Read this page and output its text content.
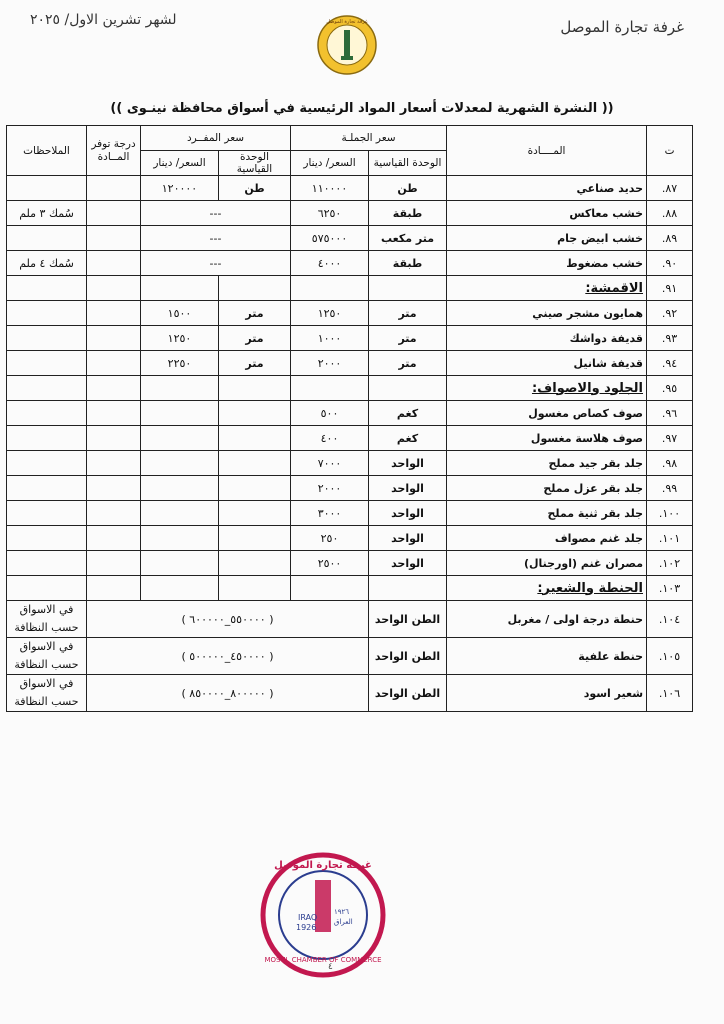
غرفة تجارة الموصل
لشهر تشرين الاول/ ٢٠٢٥	غرفة تجارة الموصل
(( النشرة الشهرية لمعدلات أسعار المواد الرئيسية في أسواق محافظة نينـوى ))
ت	المــــادة	سعر الجملـة		سعر المفــرد		درجة توفر المــادة	الملاحظات
		الوحدة القياسية	السعر/ دينار	الوحدة القياسية	السعر/ دينار		
٨٧.	حديد صناعي	طن	١١٠٠٠٠	طن	١٢٠٠٠٠		
٨٨.	خشب معاكس	طبقة	٦٢٥٠	---			سُمك ٣ ملم
٨٩.	خشب ابيض جام	متر مكعب	٥٧٥٠٠٠	---			
٩٠.	خشب مضغوط	طبقة	٤٠٠٠	---			سُمك ٤ ملم
٩١.	الاقمشة:						
٩٢.	همايون مشجر صيني	متر	١٢٥٠	متر	١٥٠٠		
٩٣.	قديفة دواشك	متر	١٠٠٠	متر	١٢٥٠		
٩٤.	قديفة شانيل	متر	٢٠٠٠	متر	٢٢٥٠		
٩٥.	الجلود والاصواف:						
٩٦.	صوف كصاص مغسول	كغم	٥٠٠				
٩٧.	صوف هلاسة مغسول	كغم	٤٠٠				
٩٨.	جلد بقر جيد مملح	الواحد	٧٠٠٠				
٩٩.	جلد بقر عزل مملح	الواحد	٢٠٠٠				
١٠٠.	جلد بقر ثنية مملح	الواحد	٣٠٠٠				
١٠١.	جلد غنم مصواف	الواحد	٢٥٠				
١٠٢.	مصران غنم (اورجنال)	الواحد	٢٥٠٠				
١٠٣.	الحنطة والشعير:						
١٠٤.	حنطة درجة اولى / مغربل	الطن الواحد	( ٥٥٠٠٠٠_٦٠٠٠٠٠ )				في الاسواق حسب النظافة
١٠٥.	حنطة علفية	الطن الواحد	( ٤٥٠٠٠٠_٥٠٠٠٠٠ )				في الاسواق حسب النظافة
١٠٦.	شعير اسود	الطن الواحد	( ٨٠٠٠٠٠_٨٥٠٠٠٠ )				في الاسواق حسب النظافة
IRAQ
1926
١٩٢٦
العراق
غرفة تجارة الموصل
MOSUL CHAMBER OF COMMERCE
٤
